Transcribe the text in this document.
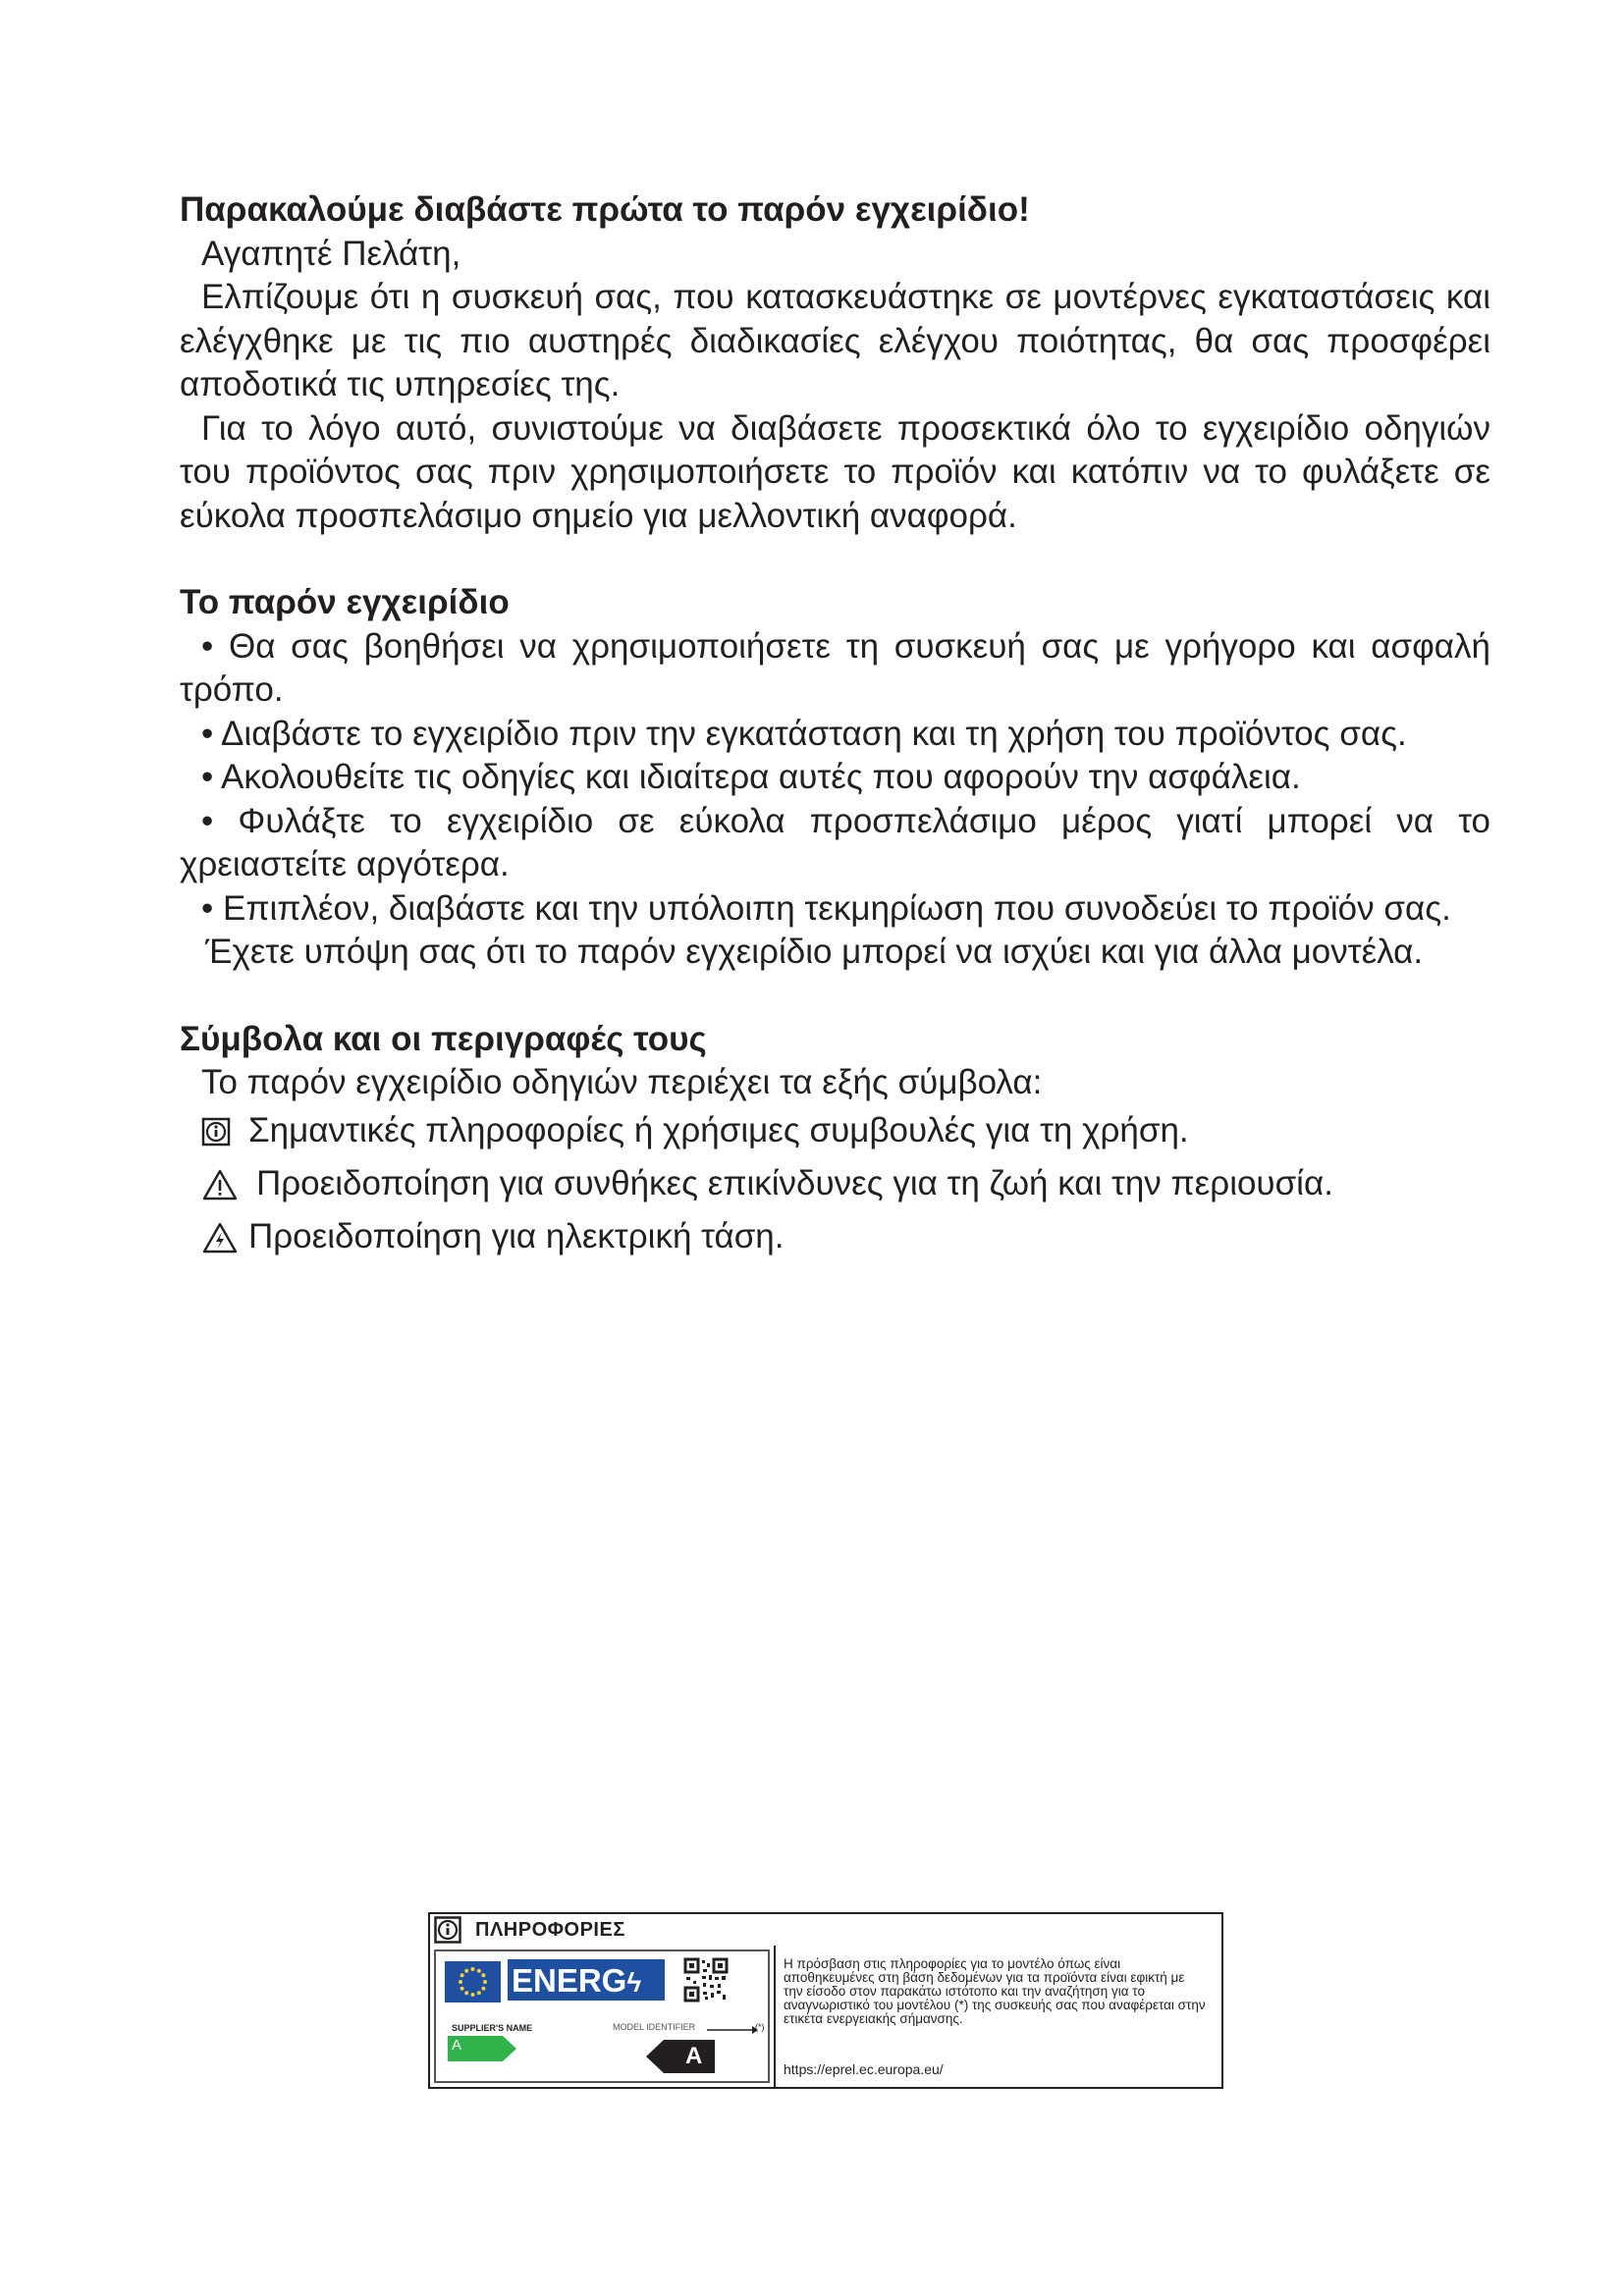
Παρακαλούμε διαβάστε πρώτα το παρόν εγχειρίδιο!
Αγαπητέ Πελάτη,
Ελπίζουμε ότι η συσκευή σας, που κατασκευάστηκε σε μοντέρνες εγκαταστάσεις και ελέγχθηκε με τις πιο αυστηρές διαδικασίες ελέγχου ποιότητας, θα σας προσφέρει αποδοτικά τις υπηρεσίες της.
Για το λόγο αυτό, συνιστούμε να διαβάσετε προσεκτικά όλο το εγχειρίδιο οδηγιών του προϊόντος σας πριν χρησιμοποιήσετε το προϊόν και κατόπιν να το φυλάξετε σε εύκολα προσπελάσιμο σημείο για μελλοντική αναφορά.
Το παρόν εγχειρίδιο
• Θα σας βοηθήσει να χρησιμοποιήσετε τη συσκευή σας με γρήγορο και ασφαλή τρόπο.
• Διαβάστε το εγχειρίδιο πριν την εγκατάσταση και τη χρήση του προϊόντος σας.
• Ακολουθείτε τις οδηγίες και ιδιαίτερα αυτές που αφορούν την ασφάλεια.
• Φυλάξτε το εγχειρίδιο σε εύκολα προσπελάσιμο μέρος γιατί μπορεί να το χρειαστείτε αργότερα.
• Επιπλέον, διαβάστε και την υπόλοιπη τεκμηρίωση που συνοδεύει το προϊόν σας.
Έχετε υπόψη σας ότι το παρόν εγχειρίδιο μπορεί να ισχύει και για άλλα μοντέλα.
Σύμβολα και οι περιγραφές τους
Το παρόν εγχειρίδιο οδηγιών περιέχει τα εξής σύμβολα:
Σημαντικές πληροφορίες ή χρήσιμες συμβουλές για τη χρήση.
Προειδοποίηση για συνθήκες επικίνδυνες για τη ζωή και την περιουσία.
Προειδοποίηση για ηλεκτρική τάση.
ΠΛΗΡΟΦΟΡΙΕΣ
ENERGϟ
SUPPLIER'S NAME	MODEL IDENTIFIER	(*)
A	A
Η πρόσβαση στις πληροφορίες για το μοντέλο όπως είναι αποθηκευμένες στη βάση δεδομένων για τα προϊόντα είναι εφικτή με την είσοδο στον παρακάτω ιστότοπο και την αναζήτηση για το αναγνωριστικό του μοντέλου (*) της συσκευής σας που αναφέρεται στην ετικέτα ενεργειακής σήμανσης.
https://eprel.ec.europa.eu/
